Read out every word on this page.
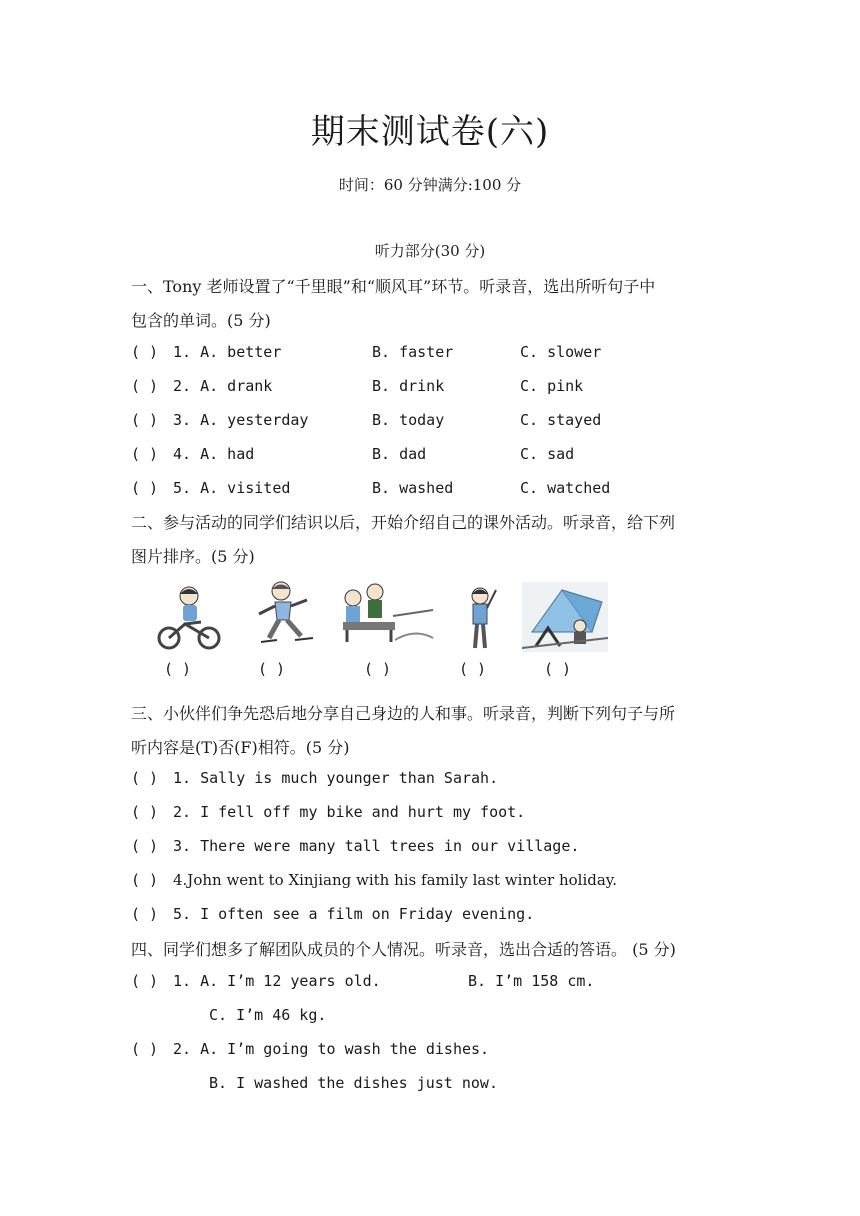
期末测试卷(六)
时间：60 分钟满分:100 分
听力部分(30 分)
一、Tony 老师设置了“千里眼”和“顺风耳”环节。听录音，选出所听句子中
包含的单词。(5 分)
( ) 1. A. better	B. faster	C. slower
( ) 2. A. drank	B. drink	C. pink
( ) 3. A. yesterday	B. today	C. stayed
( ) 4. A. had	B. dad	C. sad
( ) 5. A. visited	B. washed	C. watched
二、参与活动的同学们结识以后，开始介绍自己的课外活动。听录音，给下列
图片排序。(5 分)
( )	( )	( )	( )	( )
三、小伙伴们争先恐后地分享自己身边的人和事。听录音，判断下列句子与所
听内容是(T)否(F)相符。(5 分)
( ) 1. Sally is much younger than Sarah.
( ) 2. I fell off my bike and hurt my foot.
( ) 3. There were many tall trees in our village.
( ) 4.John went to Xinjiang with his family last winter holiday.
( ) 5. I often see a film on Friday evening.
四、同学们想多了解团队成员的个人情况。听录音，选出合适的答语。 (5 分)
( ) 1. A. I’m 12 years old.	B. I’m 158 cm.
C. I’m 46 kg.
( ) 2. A. I’m going to wash the dishes.
B. I washed the dishes just now.
